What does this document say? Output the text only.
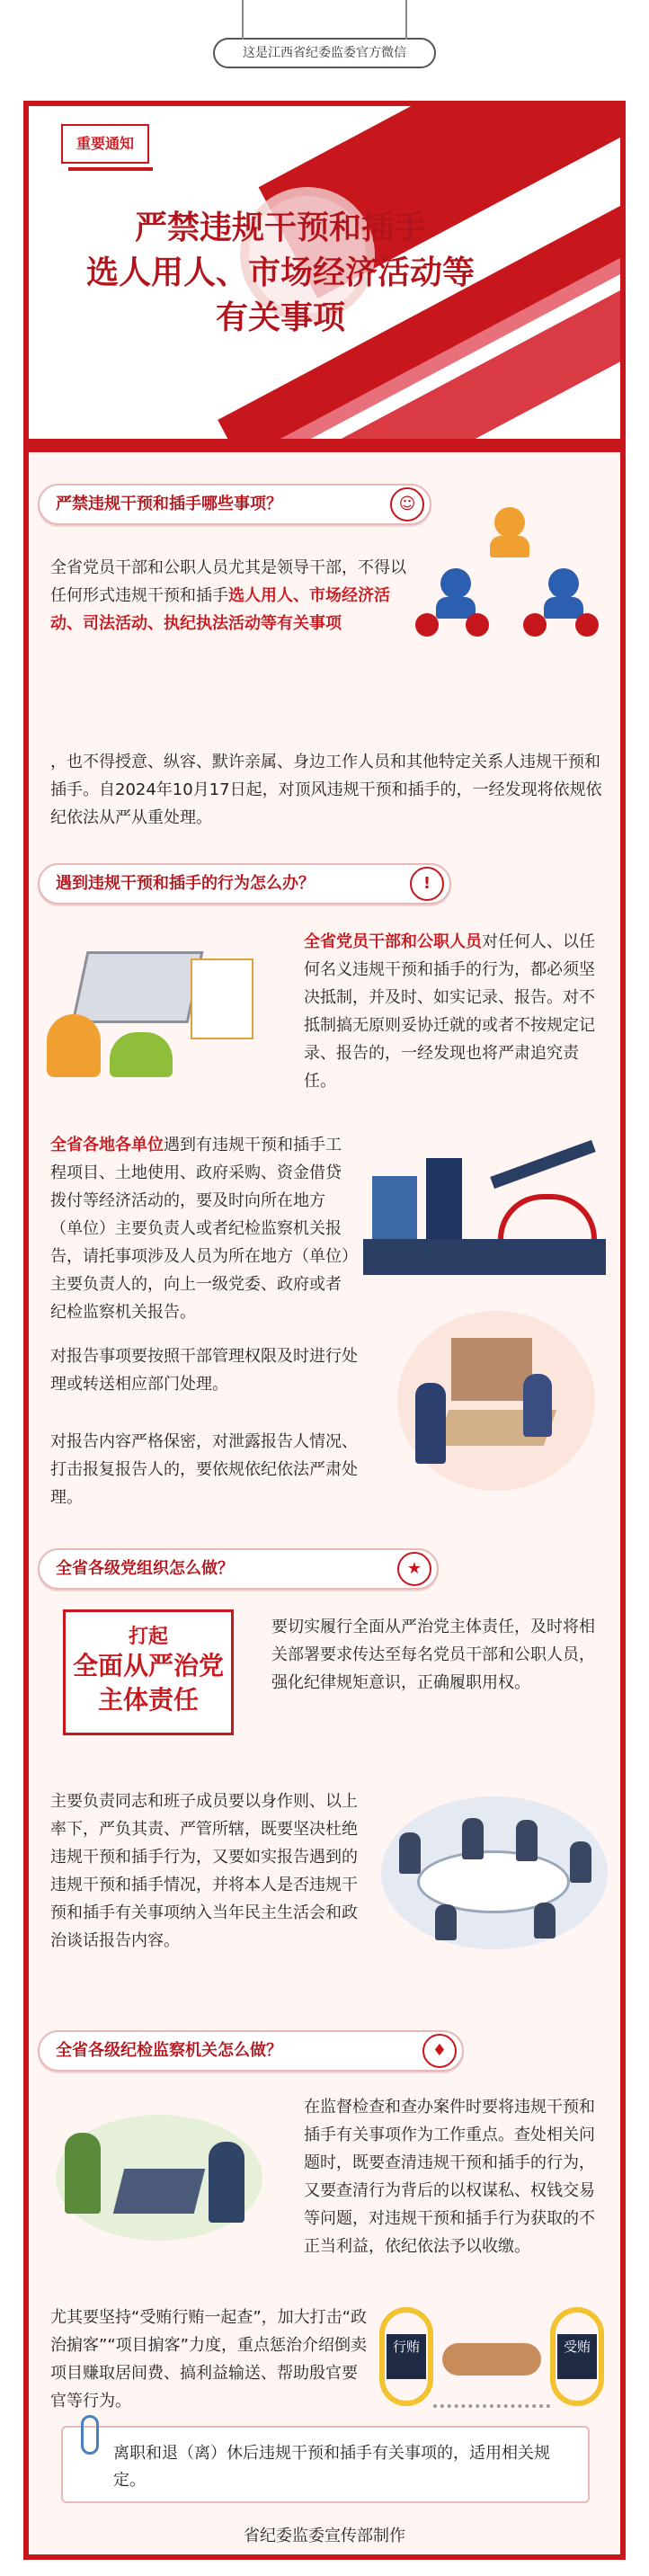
这是江西省纪委监委官方微信
重要通知
严禁违规干预和插手
选人用人、市场经济活动等
有关事项
严禁违规干预和插手哪些事项？	☺
全省党员干部和公职人员尤其是领导干部，不得以任何形式违规干预和插手选人用人、市场经济活动、司法活动、执纪执法活动等有关事项
，也不得授意、纵容、默许亲属、身边工作人员和其他特定关系人违规干预和插手。自2024年10月17日起，对顶风违规干预和插手的，一经发现将依规依纪依法从严从重处理。
遇到违规干预和插手的行为怎么办？	!
全省党员干部和公职人员对任何人、以任何名义违规干预和插手的行为，都必须坚决抵制，并及时、如实记录、报告。对不抵制搞无原则妥协迁就的或者不按规定记录、报告的，一经发现也将严肃追究责任。
全省各地各单位遇到有违规干预和插手工程项目、土地使用、政府采购、资金借贷拨付等经济活动的，要及时向所在地方（单位）主要负责人或者纪检监察机关报告，请托事项涉及人员为所在地方（单位）主要负责人的，向上一级党委、政府或者纪检监察机关报告。
对报告事项要按照干部管理权限及时进行处理或转送相应部门处理。
对报告内容严格保密，对泄露报告人情况、打击报复报告人的，要依规依纪依法严肃处理。
全省各级党组织怎么做？	★
打起
全面从严治党
主体责任
要切实履行全面从严治党主体责任，及时将相关部署要求传达至每名党员干部和公职人员，强化纪律规矩意识，正确履职用权。
主要负责同志和班子成员要以身作则、以上率下，严负其责、严管所辖，既要坚决杜绝违规干预和插手行为，又要如实报告遇到的违规干预和插手情况，并将本人是否违规干预和插手有关事项纳入当年民主生活会和政治谈话报告内容。
全省各级纪检监察机关怎么做？	♦
在监督检查和查办案件时要将违规干预和插手有关事项作为工作重点。查处相关问题时，既要查清违规干预和插手的行为，又要查清行为背后的以权谋私、权钱交易等问题，对违规干预和插手行为获取的不正当利益，依纪依法予以收缴。
尤其要坚持“受贿行贿一起查”，加大打击“政治掮客”“项目掮客”力度，重点惩治介绍倒卖项目赚取居间费、搞利益输送、帮助殷官要官等行为。
行贿	受贿
离职和退（离）休后违规干预和插手有关事项的，适用相关规定。
省纪委监委宣传部制作
